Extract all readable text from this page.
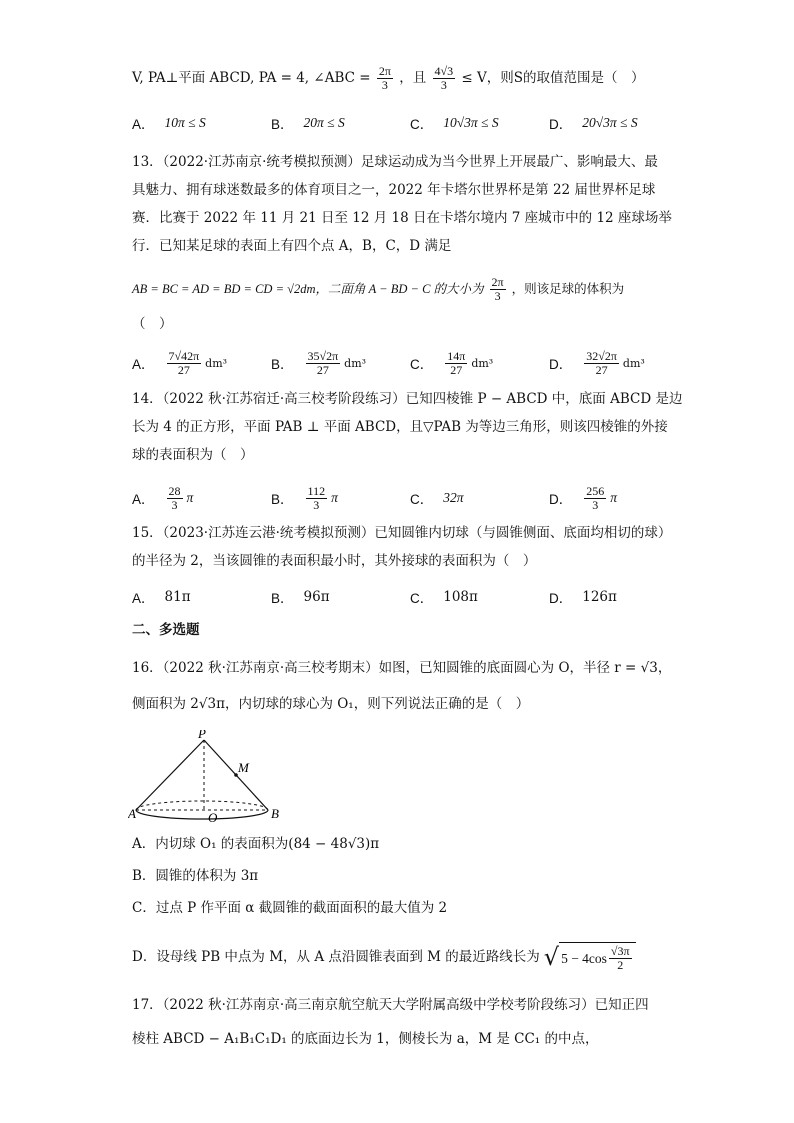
V, PA⊥平面 ABCD, PA = 4, ∠ABC = $\frac{2\pi}{3}$ ，且 $\frac{4√3}{3} \le V$，则S的取值范围是（　）
A． 10π ≤ S	B． 20π ≤ S	C． 10√3π ≤ S	D． 20√3π ≤ S
13．（2022·江苏南京·统考模拟预测）足球运动成为当今世界上开展最广、影响最大、最
具魅力、拥有球迷数最多的体育项目之一，2022 年卡塔尔世界杯是第 22 届世界杯足球
赛．比赛于 2022 年 11 月 21 日至 12 月 18 日在卡塔尔境内 7 座城市中的 12 座球场举
行．已知某足球的表面上有四个点 A，B，C，D 满足
AB = BC = AD = BD = CD = √2dm，二面角 A − BD − C 的大小为 $\frac{2\pi}{3}$ ，则该足球的体积为
（　）
A． $\frac{7√42\pi}{27} dm^3$	B． $\frac{35√2\pi}{27} dm^3$	C． $\frac{14\pi}{27} dm^3$	D． $\frac{32√2\pi}{27} dm^3$
14．（2022 秋·江苏宿迁·高三校考阶段练习）已知四棱锥 P − ABCD 中，底面 ABCD 是边
长为 4 的正方形，平面 PAB ⊥ 平面 ABCD，且▽PAB 为等边三角形，则该四棱锥的外接
球的表面积为（　）
A． $\frac{28}{3}$ π	B． $\frac{112}{3}$ π	C． 32π	D． $\frac{256}{3}$ π
15．（2023·江苏连云港·统考模拟预测）已知圆锥内切球（与圆锥侧面、底面均相切的球）
的半径为 2，当该圆锥的表面积最小时，其外接球的表面积为（　）
A． 81π	B． 96π	C． 108π	D． 126π
二、多选题
16．（2022 秋·江苏南京·高三校考期末）如图，已知圆锥的底面圆心为 O，半径 r = √3，
侧面积为 2√3π，内切球的球心为 O₁，则下列说法正确的是（　）
P
M
A	O	B
A．内切球 O₁ 的表面积为(84 − 48√3)π
B．圆锥的体积为 3π
C．过点 P 作平面 α 截圆锥的截面面积的最大值为 2
D．设母线 PB 中点为 M，从 A 点沿圆锥表面到 M 的最近路线长为 √ $5 - 4\cos \frac{√3\pi}{2}$
17．（2022 秋·江苏南京·高三南京航空航天大学附属高级中学校考阶段练习）已知正四
棱柱 ABCD − A₁B₁C₁D₁ 的底面边长为 1，侧棱长为 a，M 是 CC₁ 的中点，
